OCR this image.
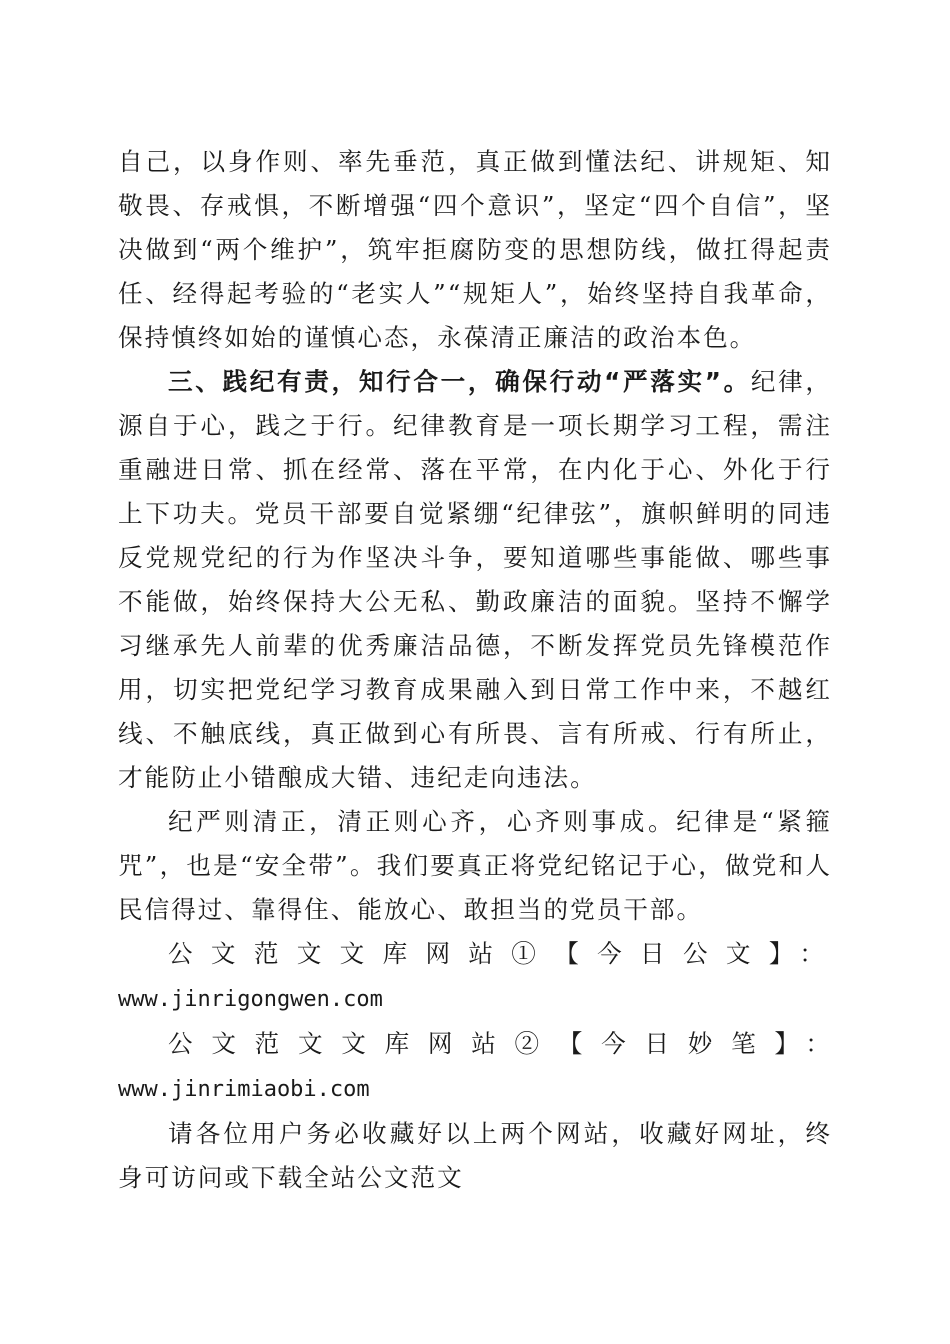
自己，以身作则、率先垂范，真正做到懂法纪、讲规矩、知敬畏、存戒惧，不断增强“四个意识”，坚定“四个自信”，坚决做到“两个维护”，筑牢拒腐防变的思想防线，做扛得起责任、经得起考验的“老实人”“规矩人”，始终坚持自我革命，保持慎终如始的谨慎心态，永葆清正廉洁的政治本色。

三、践纪有责，知行合一，确保行动“严落实”。纪律，源自于心，践之于行。纪律教育是一项长期学习工程，需注重融进日常、抓在经常、落在平常，在内化于心、外化于行上下功夫。党员干部要自觉紧绷“纪律弦”，旗帜鲜明的同违反党规党纪的行为作坚决斗争，要知道哪些事能做、哪些事不能做，始终保持大公无私、勤政廉洁的面貌。坚持不懈学习继承先人前辈的优秀廉洁品德，不断发挥党员先锋模范作用，切实把党纪学习教育成果融入到日常工作中来，不越红线、不触底线，真正做到心有所畏、言有所戒、行有所止，才能防止小错酿成大错、违纪走向违法。

纪严则清正，清正则心齐，心齐则事成。纪律是“紧箍咒”，也是“安全带”。我们要真正将党纪铭记于心，做党和人民信得过、靠得住、能放心、敢担当的党员干部。

公文范文文库网站①【今日公文】：

www.jinrigongwen.com

公文范文文库网站②【今日妙笔】：www.jinrimiaobi.com

请各位用户务必收藏好以上两个网站，收藏好网址，终身可访问或下载全站公文范文
